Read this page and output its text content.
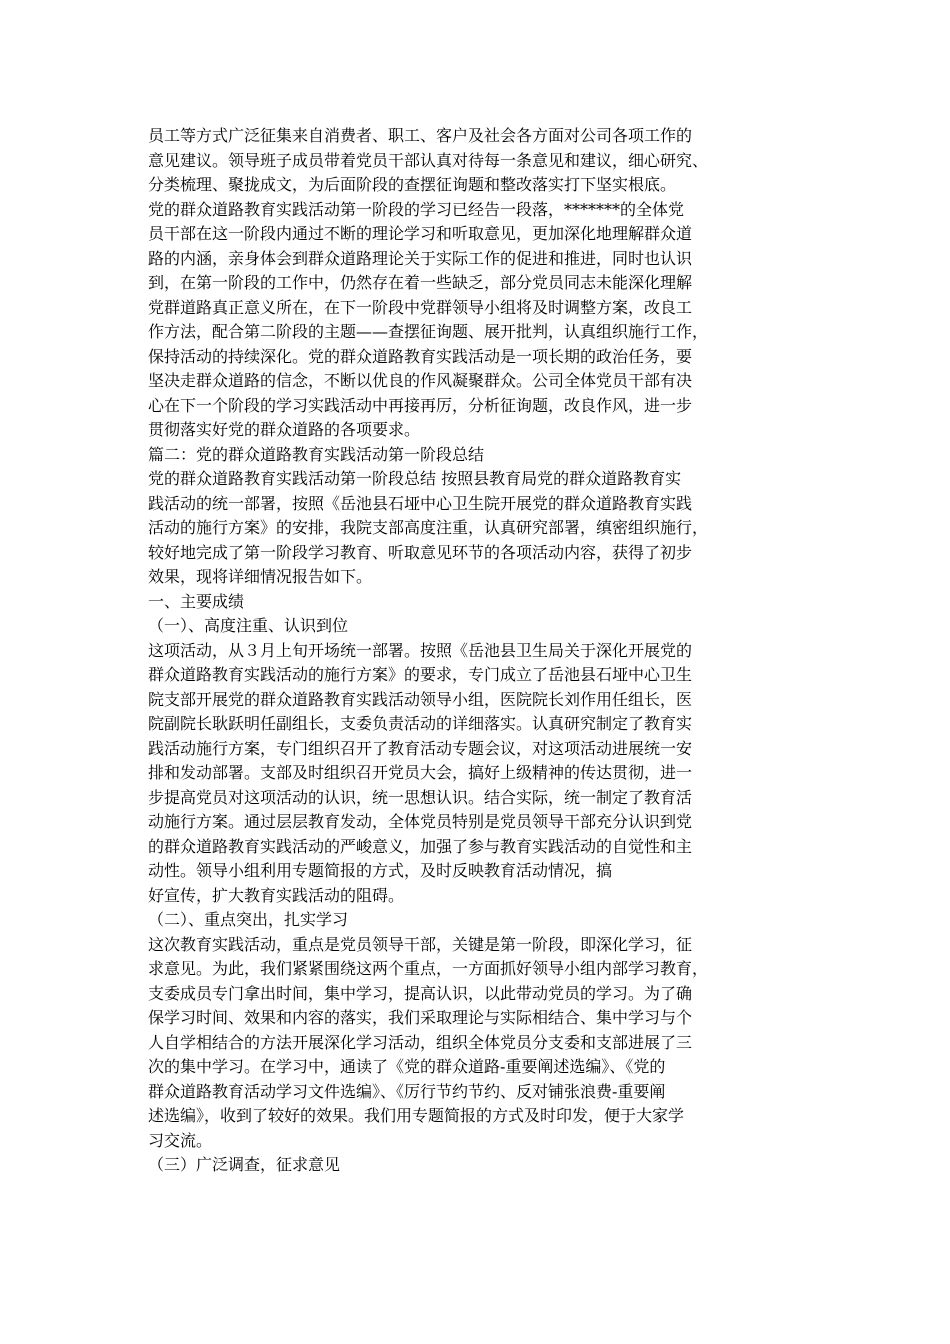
员工等方式广泛征集来自消费者、职工、客户及社会各方面对公司各项工作的
意见建议。领导班子成员带着党员干部认真对待每一条意见和建议，细心研究、
分类梳理、聚拢成文，为后面阶段的查摆征询题和整改落实打下坚实根底。
党的群众道路教育实践活动第一阶段的学习已经告一段落，*******的全体党
员干部在这一阶段内通过不断的理论学习和听取意见，更加深化地理解群众道
路的内涵，亲身体会到群众道路理论关于实际工作的促进和推进，同时也认识
到，在第一阶段的工作中，仍然存在着一些缺乏，部分党员同志未能深化理解
党群道路真正意义所在，在下一阶段中党群领导小组将及时调整方案，改良工
作方法，配合第二阶段的主题——查摆征询题、展开批判，认真组织施行工作，
保持活动的持续深化。党的群众道路教育实践活动是一项长期的政治任务，要
坚决走群众道路的信念，不断以优良的作风凝聚群众。公司全体党员干部有决
心在下一个阶段的学习实践活动中再接再厉，分析征询题，改良作风，进一步
贯彻落实好党的群众道路的各项要求。
篇二：党的群众道路教育实践活动第一阶段总结
党的群众道路教育实践活动第一阶段总结 按照县教育局党的群众道路教育实
践活动的统一部署，按照《岳池县石垭中心卫生院开展党的群众道路教育实践
活动的施行方案》的安排，我院支部高度注重，认真研究部署，缜密组织施行，
较好地完成了第一阶段学习教育、听取意见环节的各项活动内容，获得了初步
效果，现将详细情况报告如下。
一、主要成绩
（一）、高度注重、认识到位
这项活动，从３月上旬开场统一部署。按照《岳池县卫生局关于深化开展党的
群众道路教育实践活动的施行方案》的要求，专门成立了岳池县石垭中心卫生
院支部开展党的群众道路教育实践活动领导小组，医院院长刘作用任组长，医
院副院长耿跃明任副组长，支委负责活动的详细落实。认真研究制定了教育实
践活动施行方案，专门组织召开了教育活动专题会议，对这项活动进展统一安
排和发动部署。支部及时组织召开党员大会，搞好上级精神的传达贯彻，进一
步提高党员对这项活动的认识，统一思想认识。结合实际，统一制定了教育活
动施行方案。通过层层教育发动，全体党员特别是党员领导干部充分认识到党
的群众道路教育实践活动的严峻意义，加强了参与教育实践活动的自觉性和主
动性。领导小组利用专题简报的方式，及时反映教育活动情况，搞
好宣传，扩大教育实践活动的阻碍。
（二）、重点突出，扎实学习
这次教育实践活动，重点是党员领导干部，关键是第一阶段，即深化学习，征
求意见。为此，我们紧紧围绕这两个重点，一方面抓好领导小组内部学习教育，
支委成员专门拿出时间，集中学习，提高认识，以此带动党员的学习。为了确
保学习时间、效果和内容的落实，我们采取理论与实际相结合、集中学习与个
人自学相结合的方法开展深化学习活动，组织全体党员分支委和支部进展了三
次的集中学习。在学习中，通读了《党的群众道路-重要阐述选编》、《党的
群众道路教育活动学习文件选编》、《厉行节约节约、反对铺张浪费-重要阐
述选编》，收到了较好的效果。我们用专题简报的方式及时印发，便于大家学
习交流。
（三）广泛调查，征求意见
